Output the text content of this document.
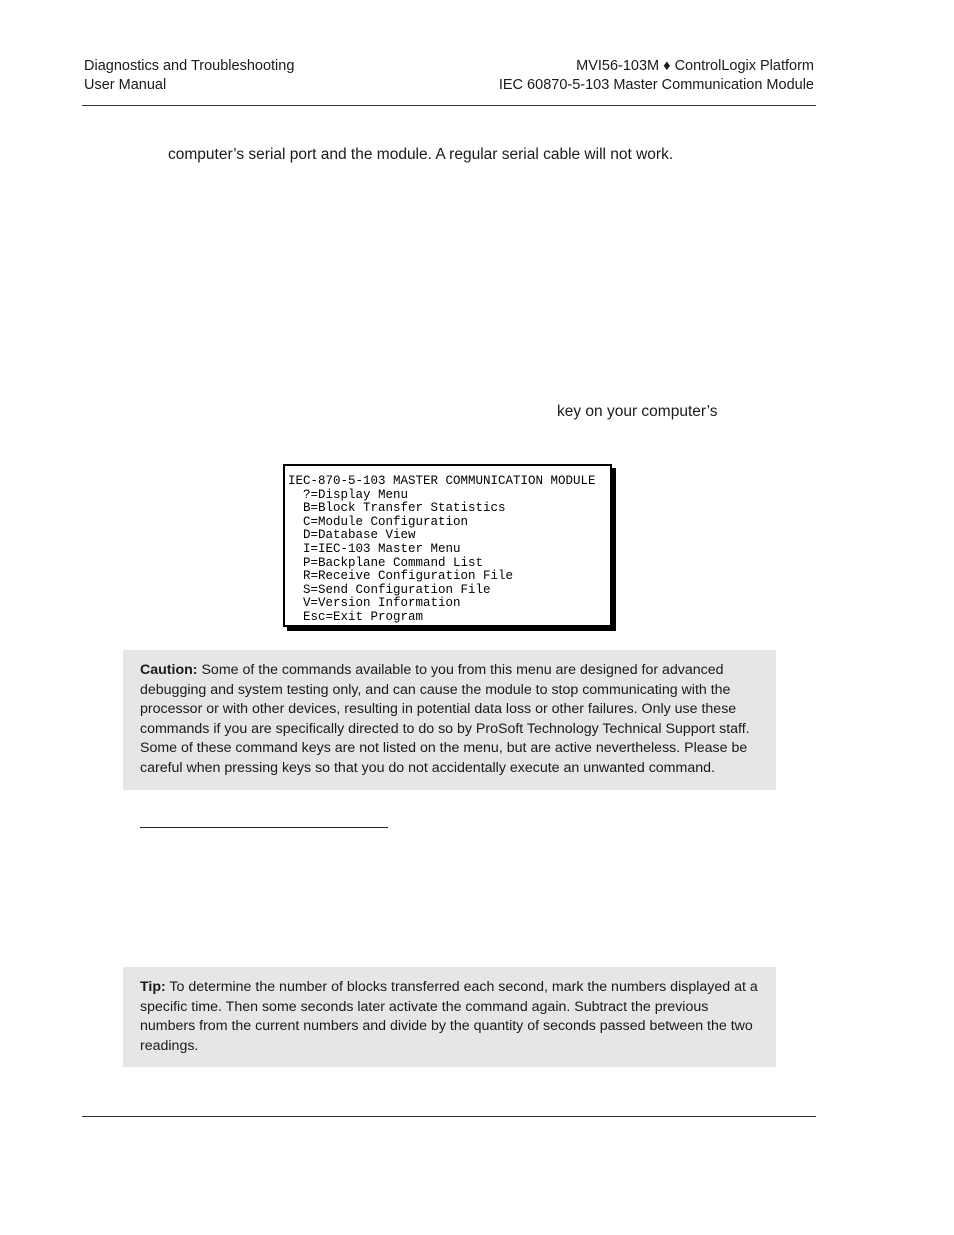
Diagnostics and Troubleshooting
User Manual
MVI56-103M ♦ ControlLogix Platform
IEC 60870-5-103 Master Communication Module
computer’s serial port and the module. A regular serial cable will not work.
key on your computer’s
IEC-870-5-103 MASTER COMMUNICATION MODULE
?=Display Menu
B=Block Transfer Statistics
C=Module Configuration
D=Database View
I=IEC-103 Master Menu
P=Backplane Command List
R=Receive Configuration File
S=Send Configuration File
V=Version Information
Esc=Exit Program
Caution: Some of the commands available to you from this menu are designed for advanced debugging and system testing only, and can cause the module to stop communicating with the processor or with other devices, resulting in potential data loss or other failures. Only use these commands if you are specifically directed to do so by ProSoft Technology Technical Support staff. Some of these command keys are not listed on the menu, but are active nevertheless. Please be careful when pressing keys so that you do not accidentally execute an unwanted command.
Tip: To determine the number of blocks transferred each second, mark the numbers displayed at a specific time. Then some seconds later activate the command again. Subtract the previous numbers from the current numbers and divide by the quantity of seconds passed between the two readings.
